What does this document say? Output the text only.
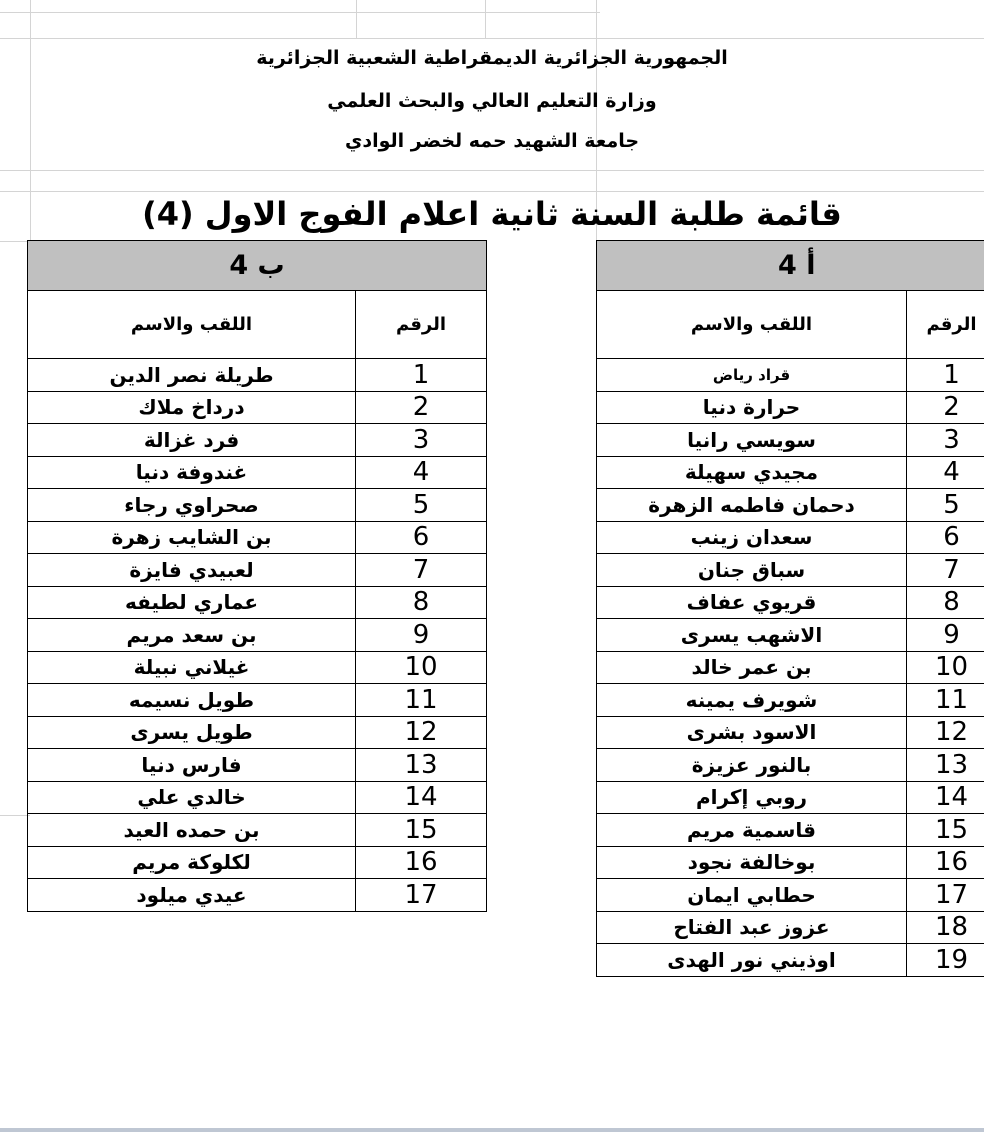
الجمهورية الجزائرية الديمقراطية الشعبية الجزائرية
وزارة التعليم العالي والبحث العلمي
جامعة الشهيد حمه لخضر الوادي
قائمة طلبة السنة ثانية اعلام الفوج الاول (4)
4 ب	
اللقب والاسم	الرقم
طريلة نصر الدين	1
درداخ ملاك	2
فرد غزالة	3
غندوفة دنيا	4
صحراوي رجاء	5
بن الشايب زهرة	6
لعبيدي فايزة	7
عماري لطيفه	8
بن سعد مريم	9
غيلاني نبيلة	10
طويل نسيمه	11
طويل يسرى	12
فارس دنيا	13
خالدي علي	14
بن حمده العيد	15
لكلوكة مريم	16
عيدي ميلود	17
4 أ	
اللقب والاسم	الرقم
قراد رياض	1
حرارة دنيا	2
سويسي رانيا	3
مجيدي سهيلة	4
دحمان فاطمه الزهرة	5
سعدان زينب	6
سباق جنان	7
قريوي عفاف	8
الاشهب يسرى	9
بن عمر خالد	10
شويرف يمينه	11
الاسود بشرى	12
بالنور عزيزة	13
روبي إكرام	14
قاسمية مريم	15
بوخالفة نجود	16
حطابي ايمان	17
عزوز عبد الفتاح	18
اوذيني نور الهدى	19
